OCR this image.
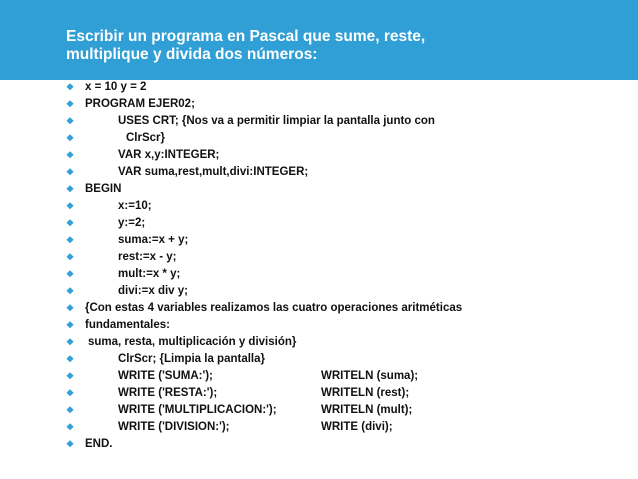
Escribir un programa en Pascal que sume, reste,
multiplique y divida dos números:
❖ x = 10 y = 2
❖ PROGRAM EJER02;
❖	USES CRT; {Nos va a permitir limpiar la pantalla junto con
❖	ClrScr}
❖	VAR x,y:INTEGER;
❖	VAR suma,rest,mult,divi:INTEGER;
❖ BEGIN
❖	x:=10;
❖	y:=2;
❖	suma:=x + y;
❖	rest:=x - y;
❖	mult:=x * y;
❖	divi:=x div y;
❖ {Con estas 4 variables realizamos las cuatro operaciones aritméticas
❖ fundamentales:
❖	suma, resta, multiplicación y división}
❖	ClrScr; {Limpia la pantalla}
❖	WRITE ('SUMA:');	WRITELN (suma);
❖	WRITE ('RESTA:');	WRITELN (rest);
❖	WRITE ('MULTIPLICACION:');	WRITELN (mult);
❖	WRITE ('DIVISION:');	WRITE (divi);
❖ END.
